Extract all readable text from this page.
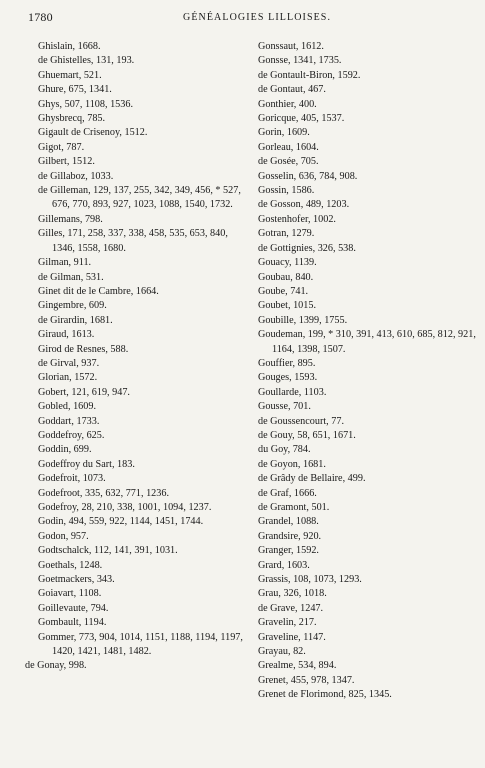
1780	GÉNÉALOGIES LILLOISES.
Ghislain, 1668.
de Ghistelles, 131, 193.
Ghuemart, 521.
Ghure, 675, 1341.
Ghys, 507, 1108, 1536.
Ghysbrecq, 785.
Gigault de Crisenoy, 1512.
Gigot, 787.
Gilbert, 1512.
de Gillaboz, 1033.
de Gilleman, 129, 137, 255, 342, 349, 456, * 527, 676, 770, 893, 927, 1023, 1088, 1540, 1732.
Gillemans, 798.
Gilles, 171, 258, 337, 338, 458, 535, 653, 840, 1346, 1558, 1680.
Gilman, 911.
de Gilman, 531.
Ginet dit de le Cambre, 1664.
Gingembre, 609.
de Girardin, 1681.
Giraud, 1613.
Girod de Resnes, 588.
de Girval, 937.
Glorian, 1572.
Gobert, 121, 619, 947.
Gobled, 1609.
Goddart, 1733.
Goddefroy, 625.
Goddin, 699.
Godeffroy du Sart, 183.
Godefroit, 1073.
Godefroot, 335, 632, 771, 1236.
Godefroy, 28, 210, 338, 1001, 1094, 1237.
Godin, 494, 559, 922, 1144, 1451, 1744.
Godon, 957.
Godtschalck, 112, 141, 391, 1031.
Goethals, 1248.
Goetmackers, 343.
Goiavart, 1108.
Goillevaute, 794.
Gombault, 1194.
Gommer, 773, 904, 1014, 1151, 1188, 1194, 1197, 1420, 1421, 1481, 1482.
de Gonay, 998.
Gonssaut, 1612.
Gonsse, 1341, 1735.
de Gontault-Biron, 1592.
de Gontaut, 467.
Gonthier, 400.
Goricque, 405, 1537.
Gorin, 1609.
Gorleau, 1604.
de Gosée, 705.
Gosselin, 636, 784, 908.
Gossin, 1586.
de Gosson, 489, 1203.
Gostenhofer, 1002.
Gotran, 1279.
de Gottignies, 326, 538.
Gouacy, 1139.
Goubau, 840.
Goube, 741.
Goubet, 1015.
Goubille, 1399, 1755.
Goudeman, 199, * 310, 391, 413, 610, 685, 812, 921, 1164, 1398, 1507.
Gouffier, 895.
Gouges, 1593.
Goullarde, 1103.
Gousse, 701.
de Goussencourt, 77.
de Gouy, 58, 651, 1671.
du Goy, 784.
de Goyon, 1681.
de Grâdy de Bellaire, 499.
de Graf, 1666.
de Gramont, 501.
Grandel, 1088.
Grandsire, 920.
Granger, 1592.
Grard, 1603.
Grassis, 108, 1073, 1293.
Grau, 326, 1018.
de Grave, 1247.
Gravelin, 217.
Graveline, 1147.
Grayau, 82.
Grealme, 534, 894.
Grenet, 455, 978, 1347.
Grenet de Florimond, 825, 1345.
